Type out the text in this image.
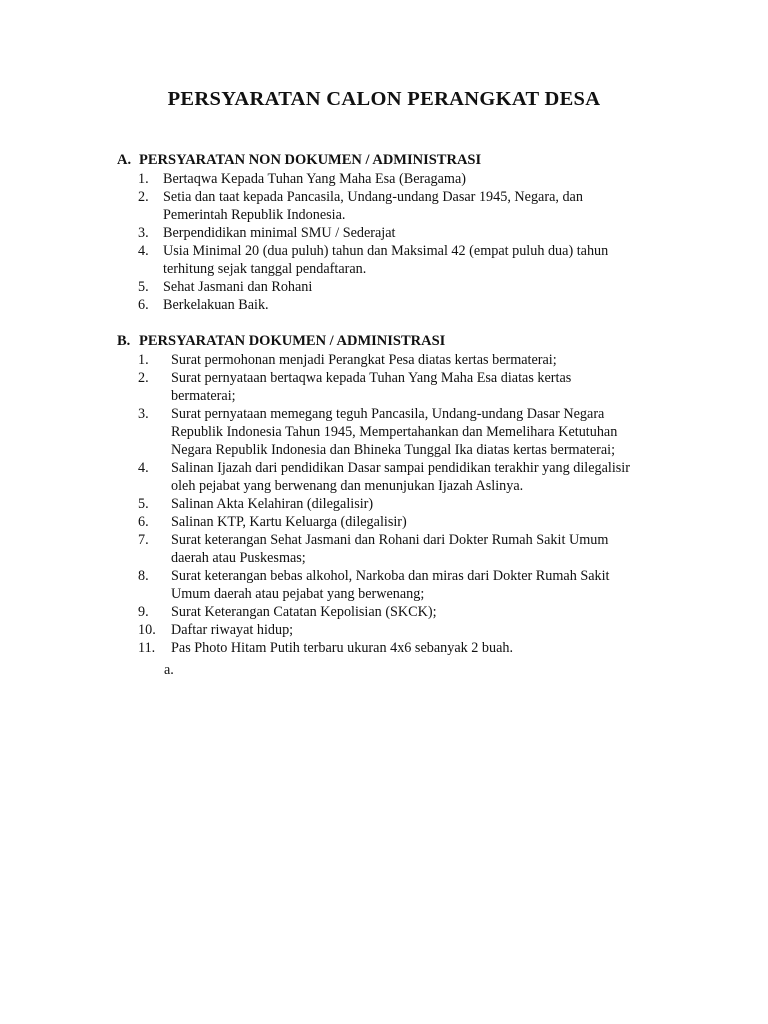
PERSYARATAN CALON PERANGKAT DESA
A. PERSYARATAN NON DOKUMEN / ADMINISTRASI
1.	Bertaqwa Kepada Tuhan Yang Maha Esa (Beragama)
2.	Setia dan taat kepada Pancasila, Undang-undang Dasar 1945, Negara, dan
Pemerintah Republik Indonesia.
3.	Berpendidikan minimal SMU / Sederajat
4.	Usia Minimal 20 (dua puluh) tahun dan Maksimal 42 (empat puluh dua) tahun
terhitung sejak tanggal pendaftaran.
5.	Sehat Jasmani dan Rohani
6.	Berkelakuan Baik.
B. PERSYARATAN DOKUMEN / ADMINISTRASI
1.	Surat permohonan menjadi Perangkat Pesa diatas kertas bermaterai;
2.	Surat pernyataan bertaqwa kepada Tuhan Yang Maha Esa diatas kertas
bermaterai;
3.	Surat pernyataan memegang teguh Pancasila, Undang-undang Dasar Negara
Republik Indonesia Tahun 1945, Mempertahankan dan Memelihara Ketutuhan
Negara Republik Indonesia dan Bhineka Tunggal Ika diatas kertas bermaterai;
4.	Salinan Ijazah dari pendidikan Dasar sampai pendidikan terakhir yang dilegalisir
oleh pejabat yang berwenang dan menunjukan Ijazah Aslinya.
5.	Salinan Akta Kelahiran (dilegalisir)
6.	Salinan KTP, Kartu Keluarga (dilegalisir)
7.	Surat keterangan Sehat Jasmani dan Rohani dari Dokter Rumah Sakit Umum
daerah atau Puskesmas;
8.	Surat keterangan bebas alkohol, Narkoba dan miras dari Dokter Rumah Sakit
Umum daerah atau pejabat yang berwenang;
9.	Surat Keterangan Catatan Kepolisian (SKCK);
10.	Daftar riwayat hidup;
11.	Pas Photo Hitam Putih terbaru ukuran 4x6 sebanyak 2 buah.
a.
